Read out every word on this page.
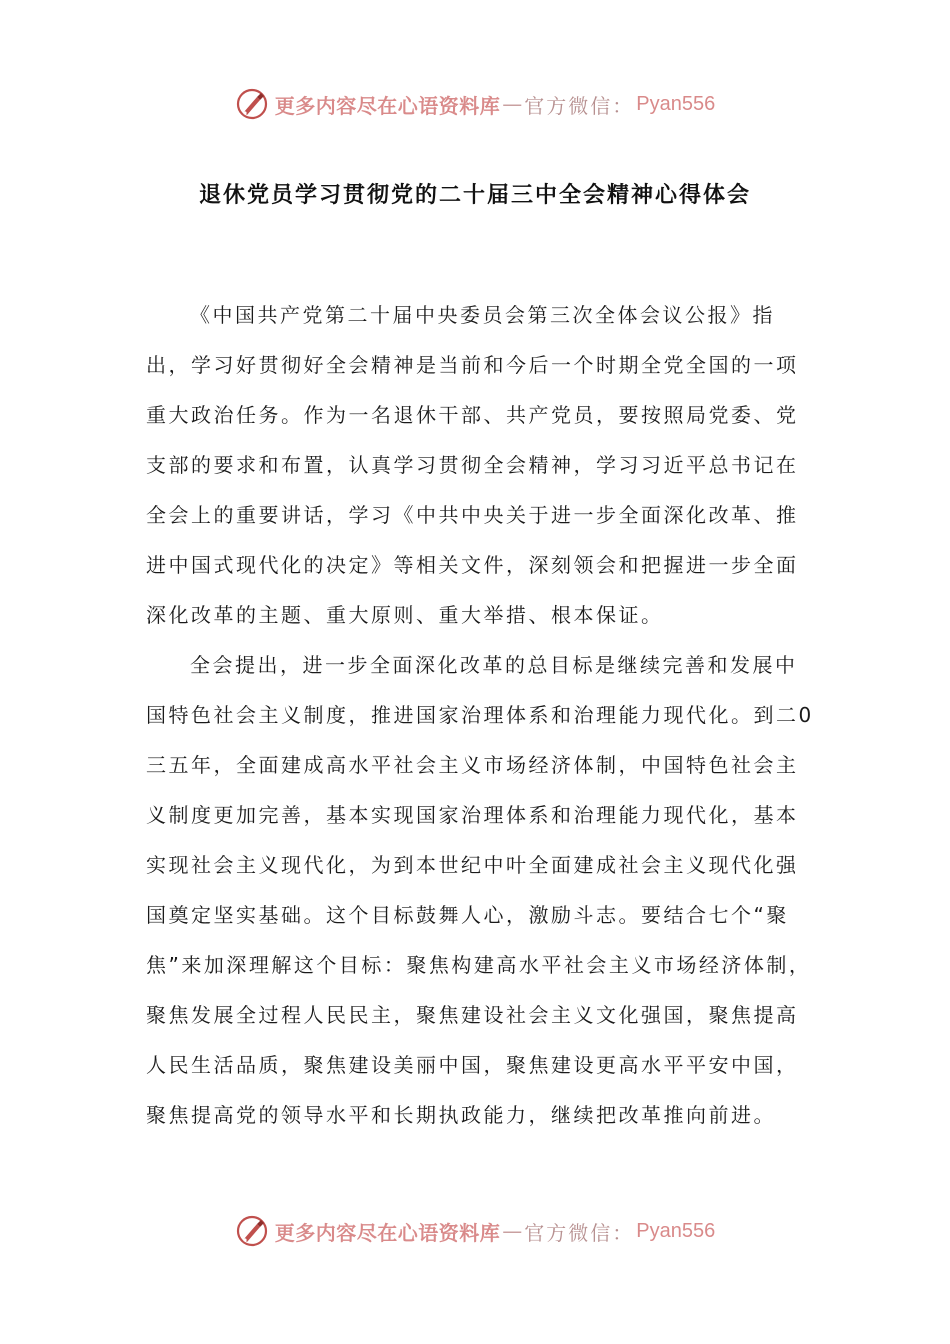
更多内容尽在心语资料库 — 官方微信： Pyan556
退休党员学习贯彻党的二十届三中全会精神心得体会

《中国共产党第二十届中央委员会第三次全体会议公报》指出，学习好贯彻好全会精神是当前和今后一个时期全党全国的一项重大政治任务。作为一名退休干部、共产党员，要按照局党委、党支部的要求和布置，认真学习贯彻全会精神，学习习近平总书记在全会上的重要讲话，学习《中共中央关于进一步全面深化改革、推进中国式现代化的决定》等相关文件，深刻领会和把握进一步全面深化改革的主题、重大原则、重大举措、根本保证。

全会提出，进一步全面深化改革的总目标是继续完善和发展中国特色社会主义制度，推进国家治理体系和治理能力现代化。到二0三五年，全面建成高水平社会主义市场经济体制，中国特色社会主义制度更加完善，基本实现国家治理体系和治理能力现代化，基本实现社会主义现代化，为到本世纪中叶全面建成社会主义现代化强国奠定坚实基础。这个目标鼓舞人心，激励斗志。要结合七个“聚焦”来加深理解这个目标：聚焦构建高水平社会主义市场经济体制，聚焦发展全过程人民民主，聚焦建设社会主义文化强国，聚焦提高人民生活品质，聚焦建设美丽中国，聚焦建设更高水平平安中国，聚焦提高党的领导水平和长期执政能力，继续把改革推向前进。

更多内容尽在心语资料库 — 官方微信： Pyan556
